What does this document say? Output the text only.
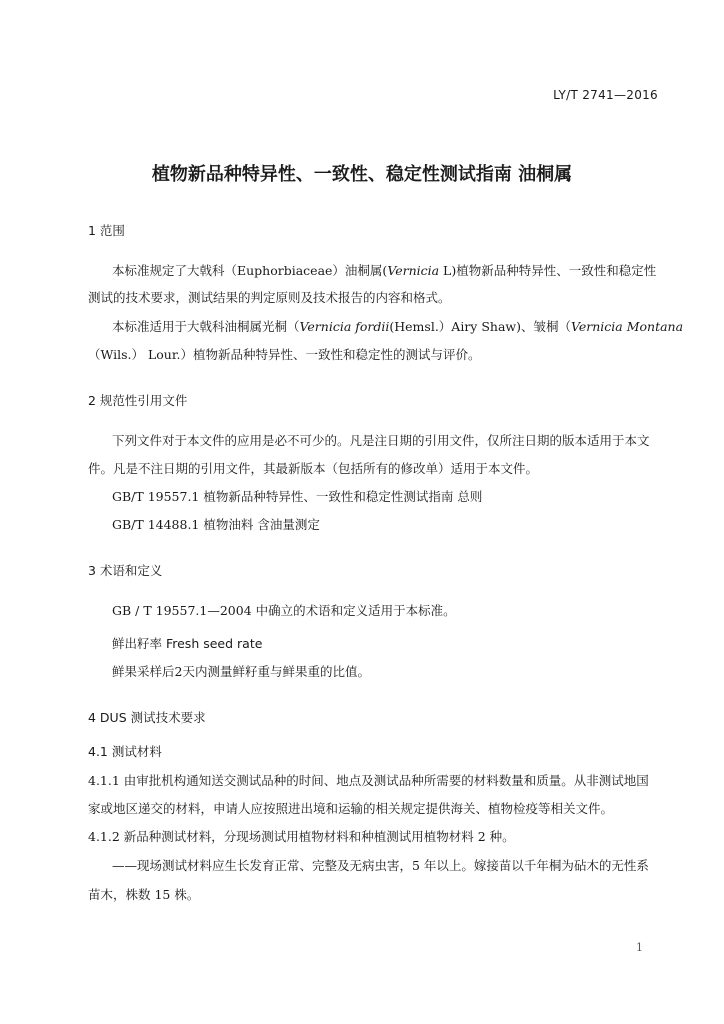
LY/T 2741—2016
植物新品种特异性、一致性、稳定性测试指南 油桐属
1 范围
本标准规定了大戟科（Euphorbiaceae）油桐属(Vernicia L)植物新品种特异性、一致性和稳定性
测试的技术要求，测试结果的判定原则及技术报告的内容和格式。
本标准适用于大戟科油桐属光桐（Vernicia fordii(Hemsl.）Airy Shaw)、皱桐（Vernicia Montana
（Wils.） Lour.）植物新品种特异性、一致性和稳定性的测试与评价。
2 规范性引用文件
下列文件对于本文件的应用是必不可少的。凡是注日期的引用文件，仅所注日期的版本适用于本文
件。凡是不注日期的引用文件，其最新版本（包括所有的修改单）适用于本文件。
GB/T 19557.1 植物新品种特异性、一致性和稳定性测试指南 总则
GB/T 14488.1 植物油料 含油量测定
3 术语和定义
GB / T 19557.1—2004 中确立的术语和定义适用于本标准。
鲜出籽率 Fresh seed rate
鲜果采样后2天内测量鲜籽重与鲜果重的比值。
4 DUS 测试技术要求
4.1 测试材料
4.1.1 由审批机构通知送交测试品种的时间、地点及测试品种所需要的材料数量和质量。从非测试地国
家或地区递交的材料，申请人应按照进出境和运输的相关规定提供海关、植物检疫等相关文件。
4.1.2 新品种测试材料，分现场测试用植物材料和种植测试用植物材料 2 种。
——现场测试材料应生长发育正常、完整及无病虫害，5 年以上。嫁接苗以千年桐为砧木的无性系
苗木，株数 15 株。
1
